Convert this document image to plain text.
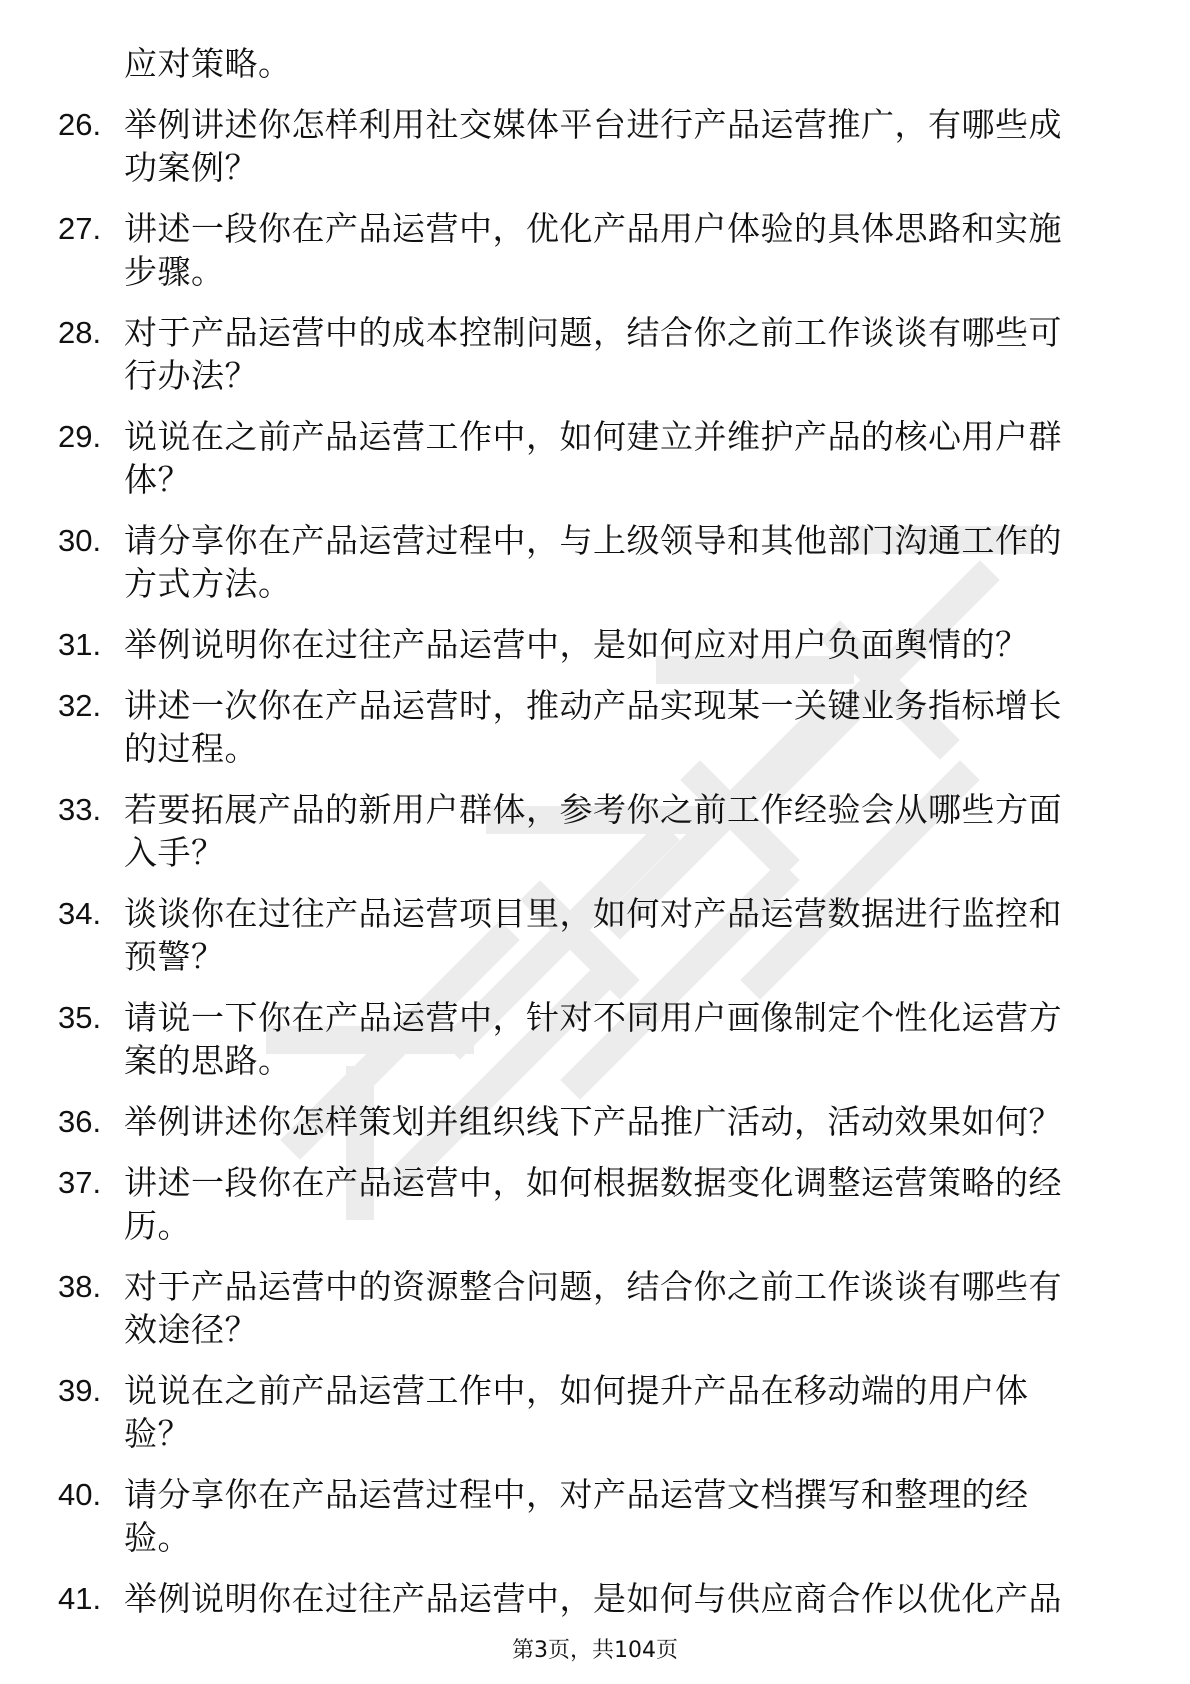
应对策略。
26. 举例讲述你怎样利用社交媒体平台进行产品运营推广，有哪些成功案例？
27. 讲述一段你在产品运营中，优化产品用户体验的具体思路和实施步骤。
28. 对于产品运营中的成本控制问题，结合你之前工作谈谈有哪些可行办法？
29. 说说在之前产品运营工作中，如何建立并维护产品的核心用户群体？
30. 请分享你在产品运营过程中，与上级领导和其他部门沟通工作的方式方法。
31. 举例说明你在过往产品运营中，是如何应对用户负面舆情的？
32. 讲述一次你在产品运营时，推动产品实现某一关键业务指标增长的过程。
33. 若要拓展产品的新用户群体，参考你之前工作经验会从哪些方面入手？
34. 谈谈你在过往产品运营项目里，如何对产品运营数据进行监控和预警？
35. 请说一下你在产品运营中，针对不同用户画像制定个性化运营方案的思路。
36. 举例讲述你怎样策划并组织线下产品推广活动，活动效果如何？
37. 讲述一段你在产品运营中，如何根据数据变化调整运营策略的经历。
38. 对于产品运营中的资源整合问题，结合你之前工作谈谈有哪些有效途径？
39. 说说在之前产品运营工作中，如何提升产品在移动端的用户体验？
40. 请分享你在产品运营过程中，对产品运营文档撰写和整理的经验。
41. 举例说明你在过往产品运营中，是如何与供应商合作以优化产品
第3页，共104页
